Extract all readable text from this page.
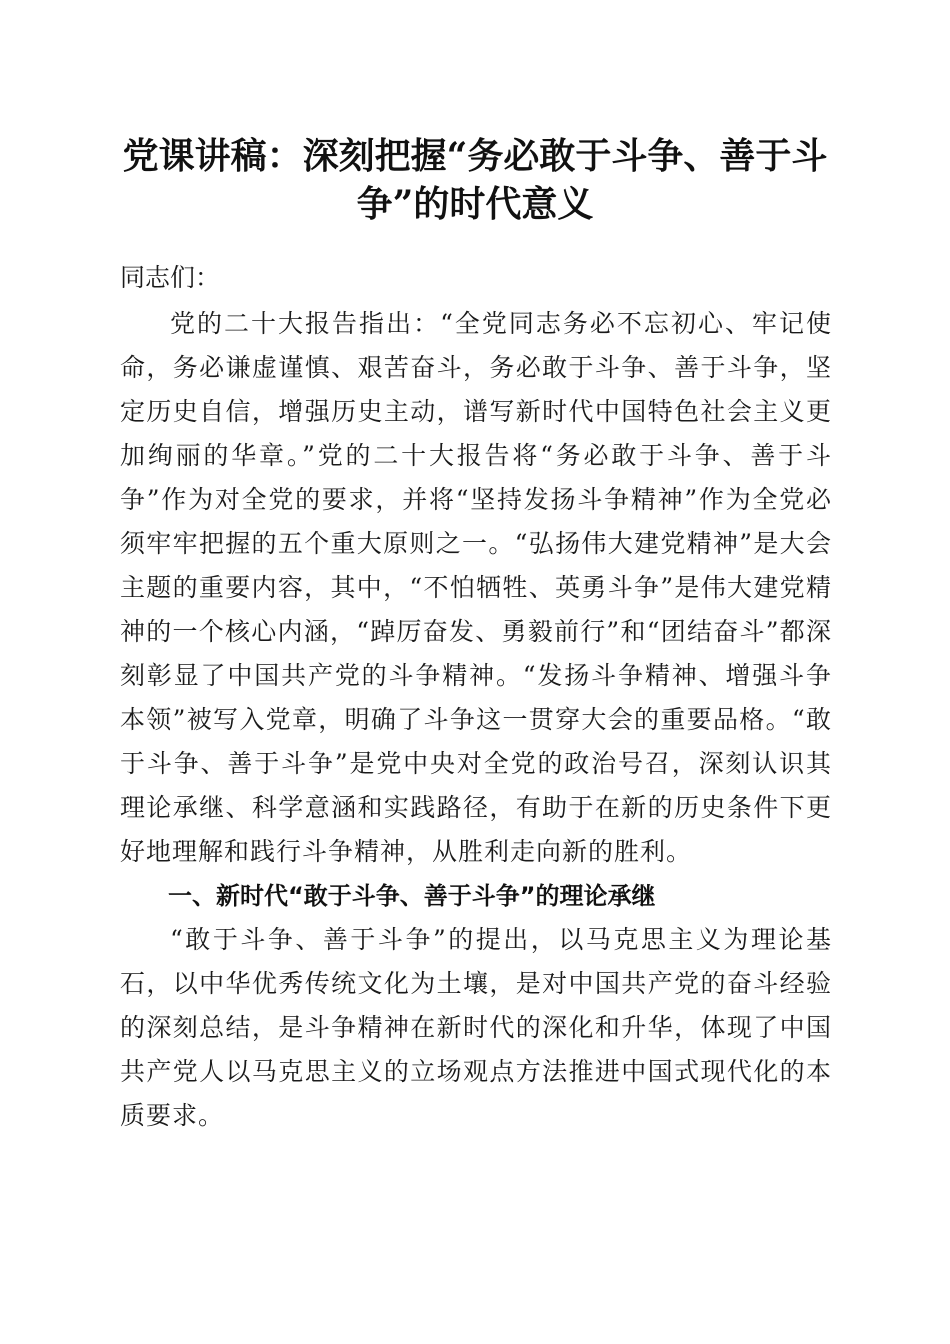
党课讲稿：深刻把握“务必敢于斗争、善于斗争”的时代意义

同志们：

党的二十大报告指出：“全党同志务必不忘初心、牢记使命，务必谦虚谨慎、艰苦奋斗，务必敢于斗争、善于斗争，坚定历史自信，增强历史主动，谱写新时代中国特色社会主义更加绚丽的华章。”党的二十大报告将“务必敢于斗争、善于斗争”作为对全党的要求，并将“坚持发扬斗争精神”作为全党必须牢牢把握的五个重大原则之一。“弘扬伟大建党精神”是大会主题的重要内容，其中，“不怕牺牲、英勇斗争”是伟大建党精神的一个核心内涵，“踔厉奋发、勇毅前行”和“团结奋斗”都深刻彰显了中国共产党的斗争精神。“发扬斗争精神、增强斗争本领”被写入党章，明确了斗争这一贯穿大会的重要品格。“敢于斗争、善于斗争”是党中央对全党的政治号召，深刻认识其理论承继、科学意涵和实践路径，有助于在新的历史条件下更好地理解和践行斗争精神，从胜利走向新的胜利。

一、新时代“敢于斗争、善于斗争”的理论承继

“敢于斗争、善于斗争”的提出，以马克思主义为理论基石，以中华优秀传统文化为土壤，是对中国共产党的奋斗经验的深刻总结，是斗争精神在新时代的深化和升华，体现了中国共产党人以马克思主义的立场观点方法推进中国式现代化的本质要求。
